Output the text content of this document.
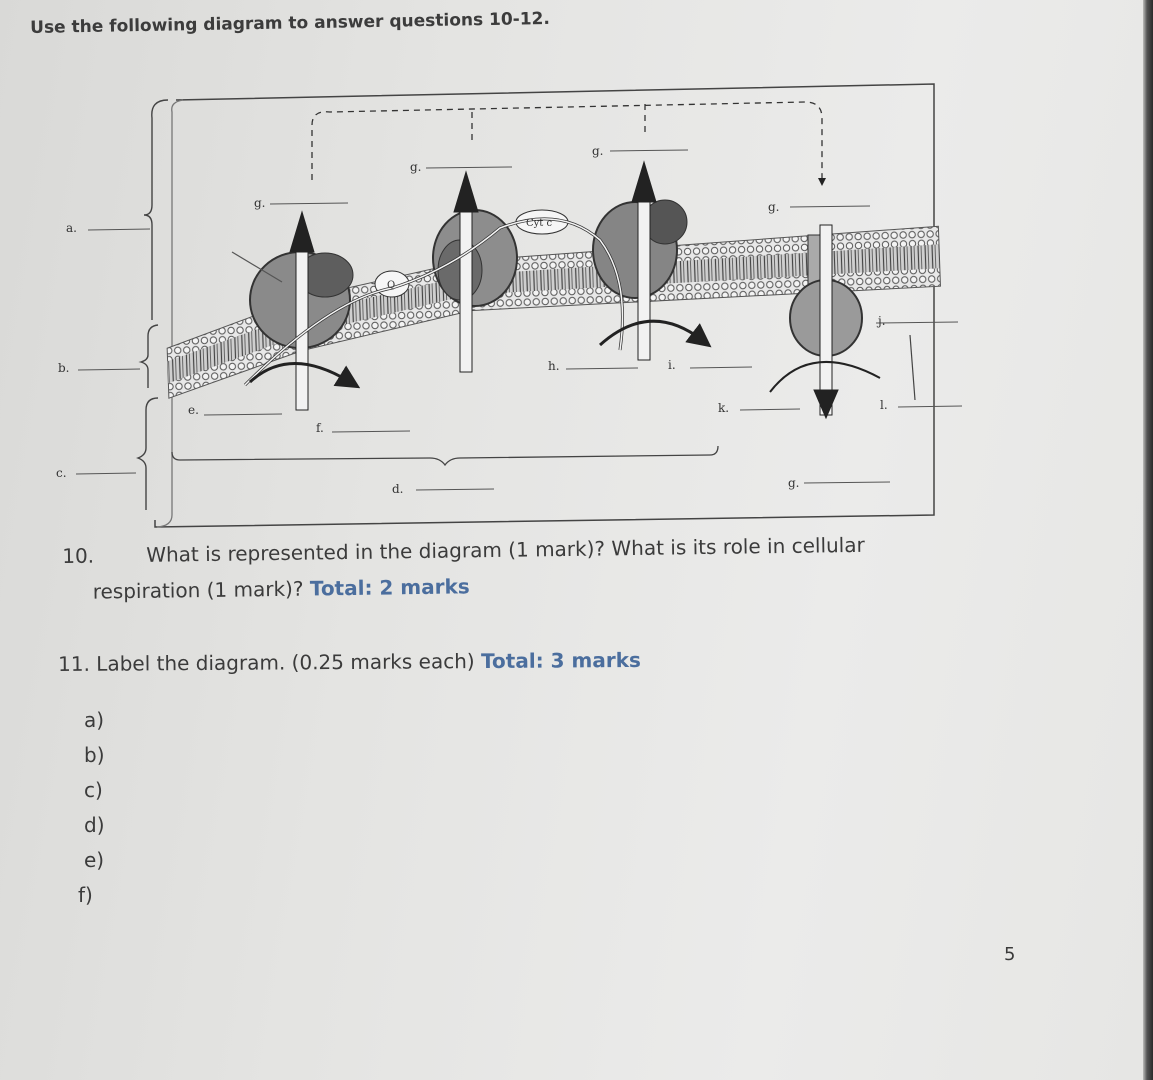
Use the following diagram to answer questions 10-12.
a.
b.
c.
d.
e.
f.
g.
g.
g.
g.
g.
h.	i.
j.
k.	l.
Cyt c
Q
10.	What is represented in the diagram (1 mark)? What is its role in cellular
respiration (1 mark)? Total: 2 marks
11. Label the diagram. (0.25 marks each) Total: 3 marks
a)
b)
c)
d)
e)
f)
5
